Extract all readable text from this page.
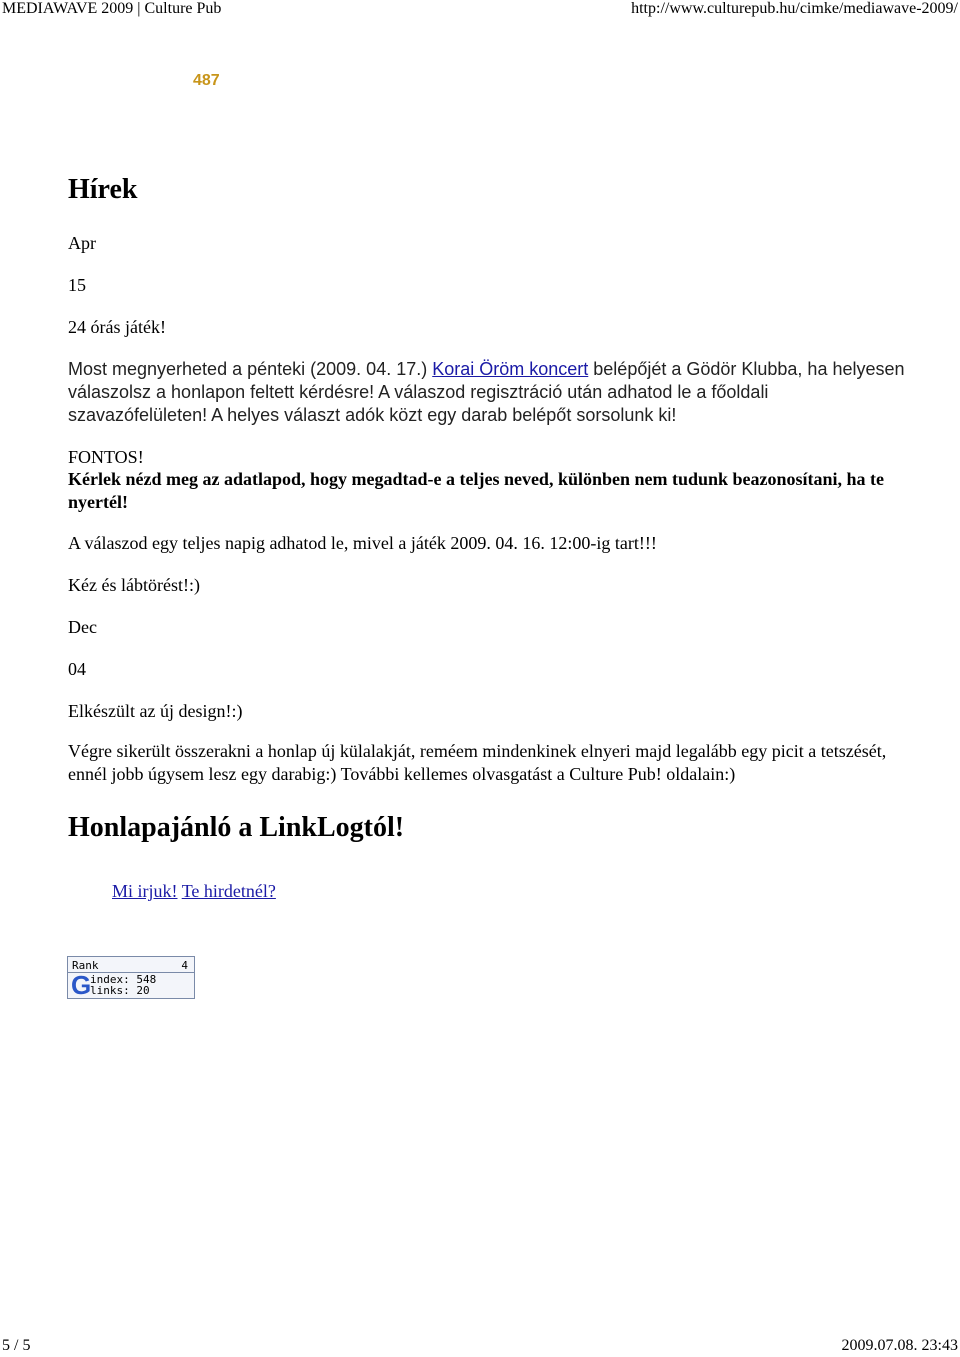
MEDIAWAVE 2009 | Culture Pub	http://www.culturepub.hu/cimke/mediawave-2009/
487
Hírek
Apr
15
24 órás játék!
Most megnyerheted a pénteki (2009. 04. 17.) Korai Öröm koncert belépőjét a Gödör Klubba, ha helyesen válaszolsz a honlapon feltett kérdésre! A válaszod regisztráció után adhatod le a főoldali szavazófelületen! A helyes választ adók közt egy darab belépőt sorsolunk ki!
FONTOS!
Kérlek nézd meg az adatlapod, hogy megadtad-e a teljes neved, különben nem tudunk beazonosítani, ha te nyertél!
A válaszod egy teljes napig adhatod le, mivel a játék 2009. 04. 16. 12:00-ig tart!!!
Kéz és lábtörést!:)
Dec
04
Elkészült az új design!:)
Végre sikerült összerakni a honlap új külalakját, reméem mindenkinek elnyeri majd legalább egy picit a tetszését, ennél jobb úgysem lesz egy darabig:) További kellemes olvasgatást a Culture Pub! oldalain:)
Honlapajánló a LinkLogtól!
Mi irjuk! Te hirdetnél?
Rank	4
G
index: 548
links: 20
5 / 5	2009.07.08. 23:43
